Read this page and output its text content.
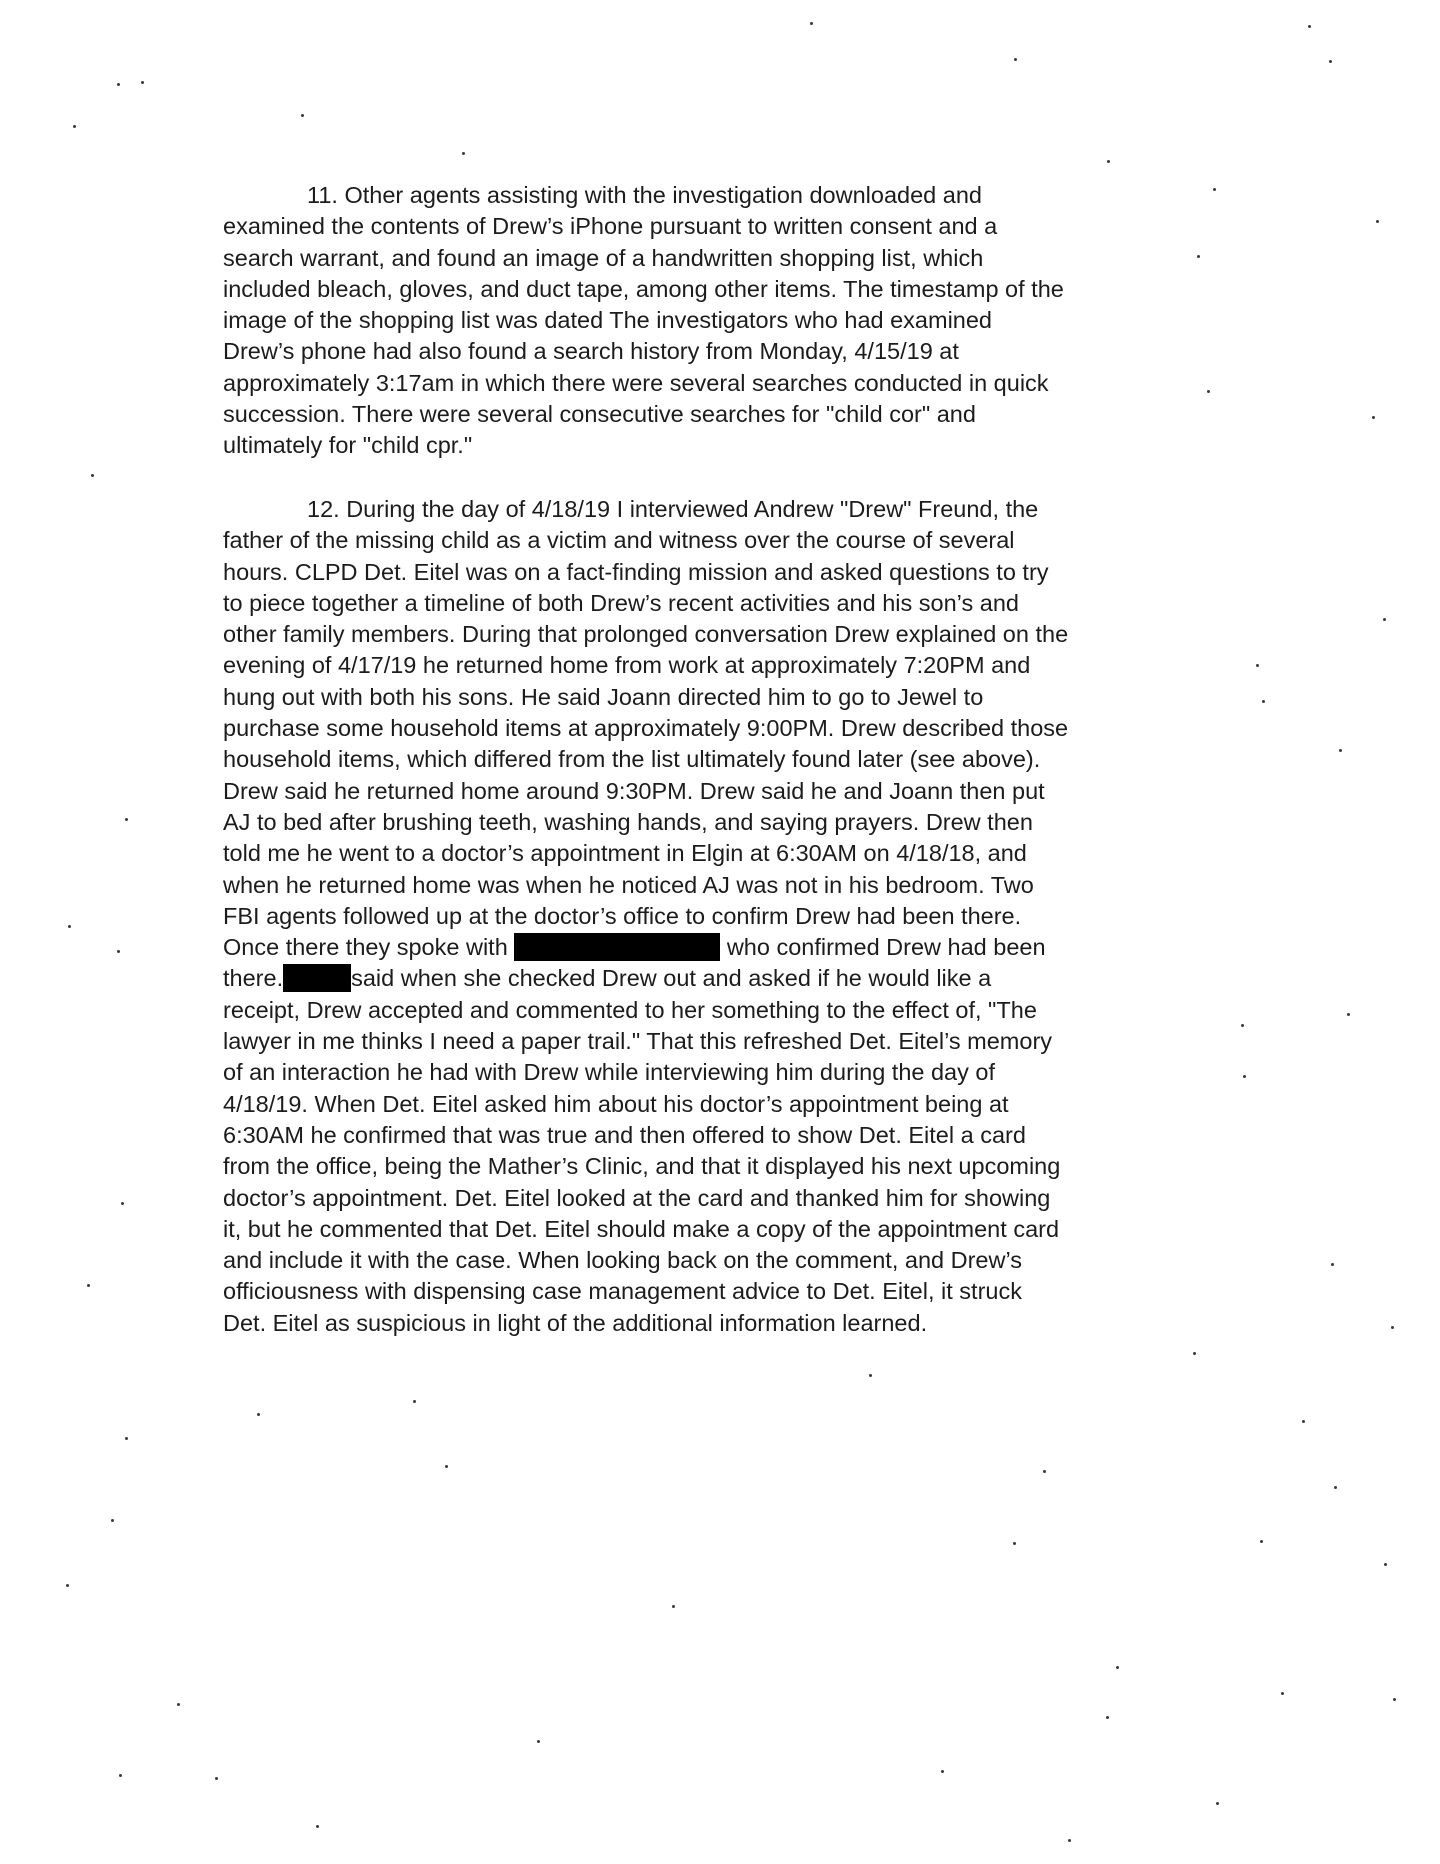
11. Other agents assisting with the investigation downloaded and
examined the contents of Drew’s iPhone pursuant to written consent and a
search warrant, and found an image of a handwritten shopping list, which
included bleach, gloves, and duct tape, among other items. The timestamp of the
image of the shopping list was dated The investigators who had examined
Drew’s phone had also found a search history from Monday, 4/15/19 at
approximately 3:17am in which there were several searches conducted in quick
succession. There were several consecutive searches for "child cor" and
ultimately for "child cpr."
12. During the day of 4/18/19 I interviewed Andrew "Drew" Freund, the
father of the missing child as a victim and witness over the course of several
hours. CLPD Det. Eitel was on a fact-finding mission and asked questions to try
to piece together a timeline of both Drew’s recent activities and his son’s and
other family members. During that prolonged conversation Drew explained on the
evening of 4/17/19 he returned home from work at approximately 7:20PM and
hung out with both his sons. He said Joann directed him to go to Jewel to
purchase some household items at approximately 9:00PM. Drew described those
household items, which differed from the list ultimately found later (see above).
Drew said he returned home around 9:30PM. Drew said he and Joann then put
AJ to bed after brushing teeth, washing hands, and saying prayers. Drew then
told me he went to a doctor’s appointment in Elgin at 6:30AM on 4/18/18, and
when he returned home was when he noticed AJ was not in his bedroom. Two
FBI agents followed up at the doctor’s office to confirm Drew had been there.
Once there they spoke with	who confirmed Drew had been
there.	said when she checked Drew out and asked if he would like a
receipt, Drew accepted and commented to her something to the effect of, "The
lawyer in me thinks I need a paper trail." That this refreshed Det. Eitel’s memory
of an interaction he had with Drew while interviewing him during the day of
4/18/19. When Det. Eitel asked him about his doctor’s appointment being at
6:30AM he confirmed that was true and then offered to show Det. Eitel a card
from the office, being the Mather’s Clinic, and that it displayed his next upcoming
doctor’s appointment. Det. Eitel looked at the card and thanked him for showing
it, but he commented that Det. Eitel should make a copy of the appointment card
and include it with the case. When looking back on the comment, and Drew’s
officiousness with dispensing case management advice to Det. Eitel, it struck
Det. Eitel as suspicious in light of the additional information learned.
